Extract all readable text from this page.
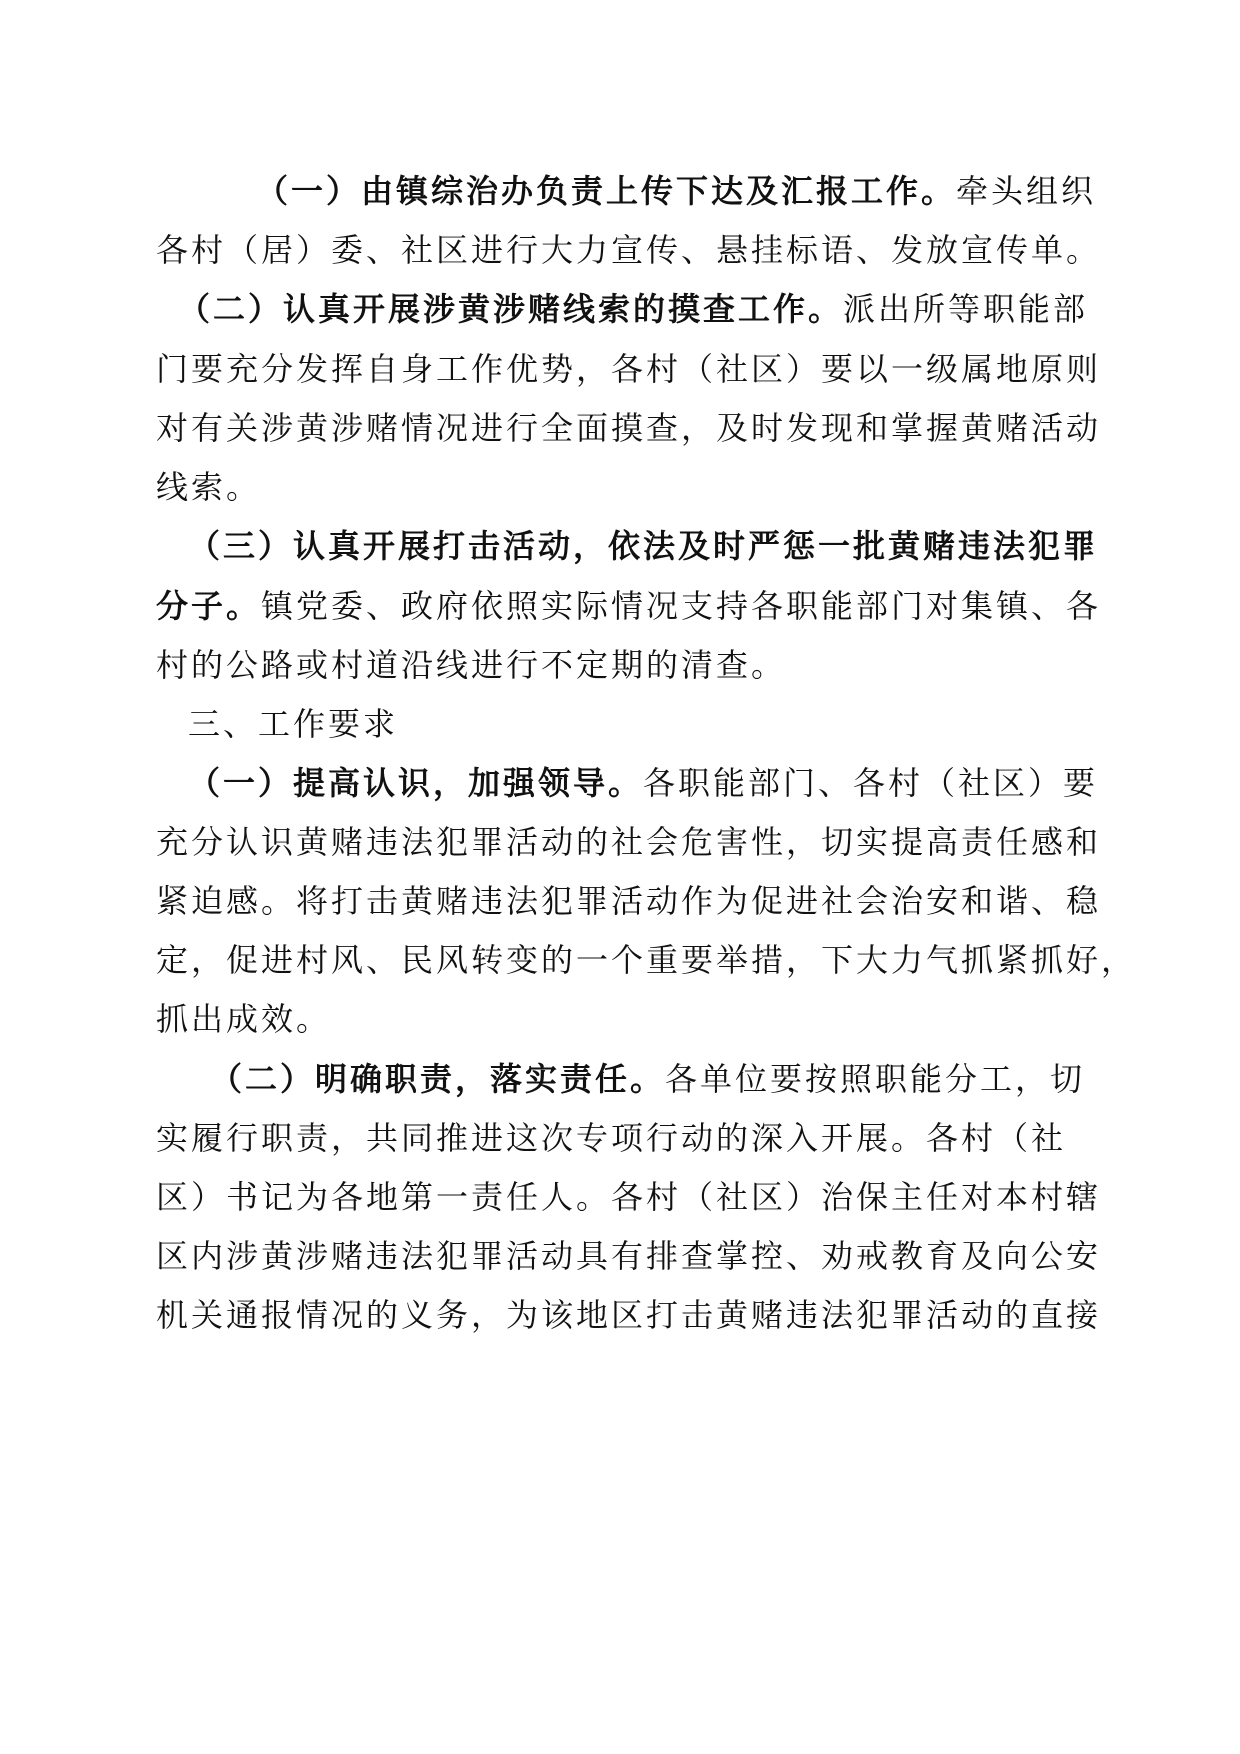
（一）由镇综治办负责上传下达及汇报工作。牵头组织
各村（居）委、社区进行大力宣传、悬挂标语、发放宣传单。
（二）认真开展涉黄涉赌线索的摸查工作。派出所等职能部
门要充分发挥自身工作优势，各村（社区）要以一级属地原则
对有关涉黄涉赌情况进行全面摸查，及时发现和掌握黄赌活动
线索。
（三）认真开展打击活动，依法及时严惩一批黄赌违法犯罪
分子。镇党委、政府依照实际情况支持各职能部门对集镇、各
村的公路或村道沿线进行不定期的清查。
三、工作要求
（一）提高认识，加强领导。各职能部门、各村（社区）要
充分认识黄赌违法犯罪活动的社会危害性，切实提高责任感和
紧迫感。将打击黄赌违法犯罪活动作为促进社会治安和谐、稳
定，促进村风、民风转变的一个重要举措，下大力气抓紧抓好，
抓出成效。
（二）明确职责，落实责任。各单位要按照职能分工，切
实履行职责，共同推进这次专项行动的深入开展。各村（社
区）书记为各地第一责任人。各村（社区）治保主任对本村辖
区内涉黄涉赌违法犯罪活动具有排查掌控、劝戒教育及向公安
机关通报情况的义务，为该地区打击黄赌违法犯罪活动的直接
